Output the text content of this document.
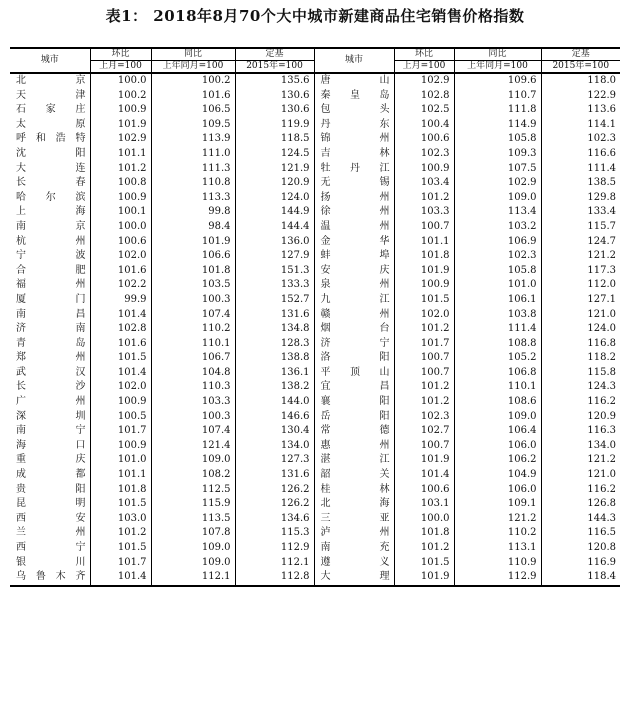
表1： 2018年8月70个大中城市新建商品住宅销售价格指数
城市	环比	同比	定基	城市	环比	同比	定基
	上月=100	上年同月=100	2015年=100		上月=100	上年同月=100	2015年=100
北 京	100.0	100.2	135.6	唐 山	102.9	109.6	118.0
天 津	100.2	101.6	130.6	秦皇岛	102.8	110.7	122.9
石家庄	100.9	106.5	130.6	包 头	102.5	111.8	113.6
太 原	101.9	109.5	119.9	丹 东	100.4	114.9	114.1
呼和浩特	102.9	113.9	118.5	锦 州	100.6	105.8	102.3
沈 阳	101.1	111.0	124.5	吉 林	102.3	109.3	116.6
大 连	101.2	111.3	121.9	牡丹江	100.9	107.5	111.4
长 春	100.8	110.8	120.9	无 锡	103.4	102.9	138.5
哈尔滨	100.9	113.3	124.0	扬 州	101.2	109.0	129.8
上 海	100.1	99.8	144.9	徐 州	103.3	113.4	133.4
南 京	100.0	98.4	144.4	温 州	100.7	103.2	115.7
杭 州	100.6	101.9	136.0	金 华	101.1	106.9	124.7
宁 波	102.0	106.6	127.9	蚌 埠	101.8	102.3	121.2
合 肥	101.6	101.8	151.3	安 庆	101.9	105.8	117.3
福 州	102.2	103.5	133.3	泉 州	100.9	101.0	112.0
厦 门	99.9	100.3	152.7	九 江	101.5	106.1	127.1
南 昌	101.4	107.4	131.6	赣 州	102.0	103.8	121.0
济 南	102.8	110.2	134.8	烟 台	101.2	111.4	124.0
青 岛	101.6	110.1	128.3	济 宁	101.7	108.8	116.8
郑 州	101.5	106.7	138.8	洛 阳	100.7	105.2	118.2
武 汉	101.4	104.8	136.1	平顶山	100.7	106.8	115.8
长 沙	102.0	110.3	138.2	宜 昌	101.2	110.1	124.3
广 州	100.9	103.3	144.0	襄 阳	101.2	108.6	116.2
深 圳	100.5	100.3	146.6	岳 阳	102.3	109.0	120.9
南 宁	101.7	107.4	130.4	常 德	102.7	106.4	116.3
海 口	100.9	121.4	134.0	惠 州	100.7	106.0	134.0
重 庆	101.0	109.0	127.3	湛 江	101.9	106.2	121.2
成 都	101.1	108.2	131.6	韶 关	101.4	104.9	121.0
贵 阳	101.8	112.5	126.2	桂 林	100.6	106.0	116.2
昆 明	101.5	115.9	126.2	北 海	103.1	109.1	126.8
西 安	103.0	113.5	134.6	三 亚	100.0	121.2	144.3
兰 州	101.2	107.8	115.3	泸 州	101.8	110.2	116.5
西 宁	101.5	109.0	112.9	南 充	101.2	113.1	120.8
银 川	101.7	109.0	112.1	遵 义	101.5	110.9	116.9
乌鲁木齐	101.4	112.1	112.8	大 理	101.9	112.9	118.4
